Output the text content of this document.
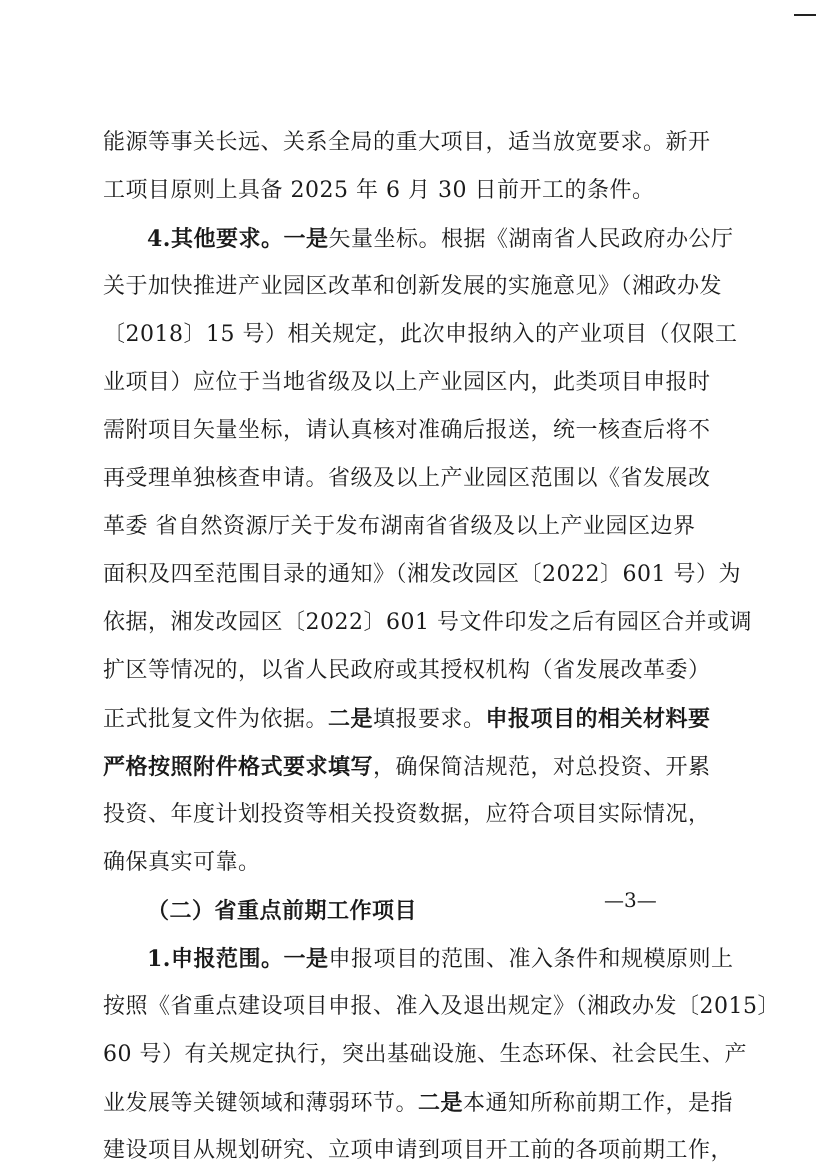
能源等事关长远、关系全局的重大项目，适当放宽要求。新开
工项目原则上具备 2025 年 6 月 30 日前开工的条件。
4.其他要求。一是矢量坐标。根据《湖南省人民政府办公厅
关于加快推进产业园区改革和创新发展的实施意见》（湘政办发
〔2018〕15 号）相关规定，此次申报纳入的产业项目（仅限工
业项目）应位于当地省级及以上产业园区内，此类项目申报时
需附项目矢量坐标，请认真核对准确后报送，统一核查后将不
再受理单独核查申请。省级及以上产业园区范围以《省发展改
革委 省自然资源厅关于发布湖南省省级及以上产业园区边界
面积及四至范围目录的通知》（湘发改园区〔2022〕601 号）为
依据，湘发改园区〔2022〕601 号文件印发之后有园区合并或调
扩区等情况的，以省人民政府或其授权机构（省发展改革委）
正式批复文件为依据。二是填报要求。申报项目的相关材料要
严格按照附件格式要求填写，确保简洁规范，对总投资、开累
投资、年度计划投资等相关投资数据，应符合项目实际情况，
确保真实可靠。
（二）省重点前期工作项目
1.申报范围。一是申报项目的范围、准入条件和规模原则上
按照《省重点建设项目申报、准入及退出规定》（湘政办发〔2015〕
60 号）有关规定执行，突出基础设施、生态环保、社会民生、产
业发展等关键领域和薄弱环节。二是本通知所称前期工作，是指
建设项目从规划研究、立项申请到项目开工前的各项前期工作，
—3—
